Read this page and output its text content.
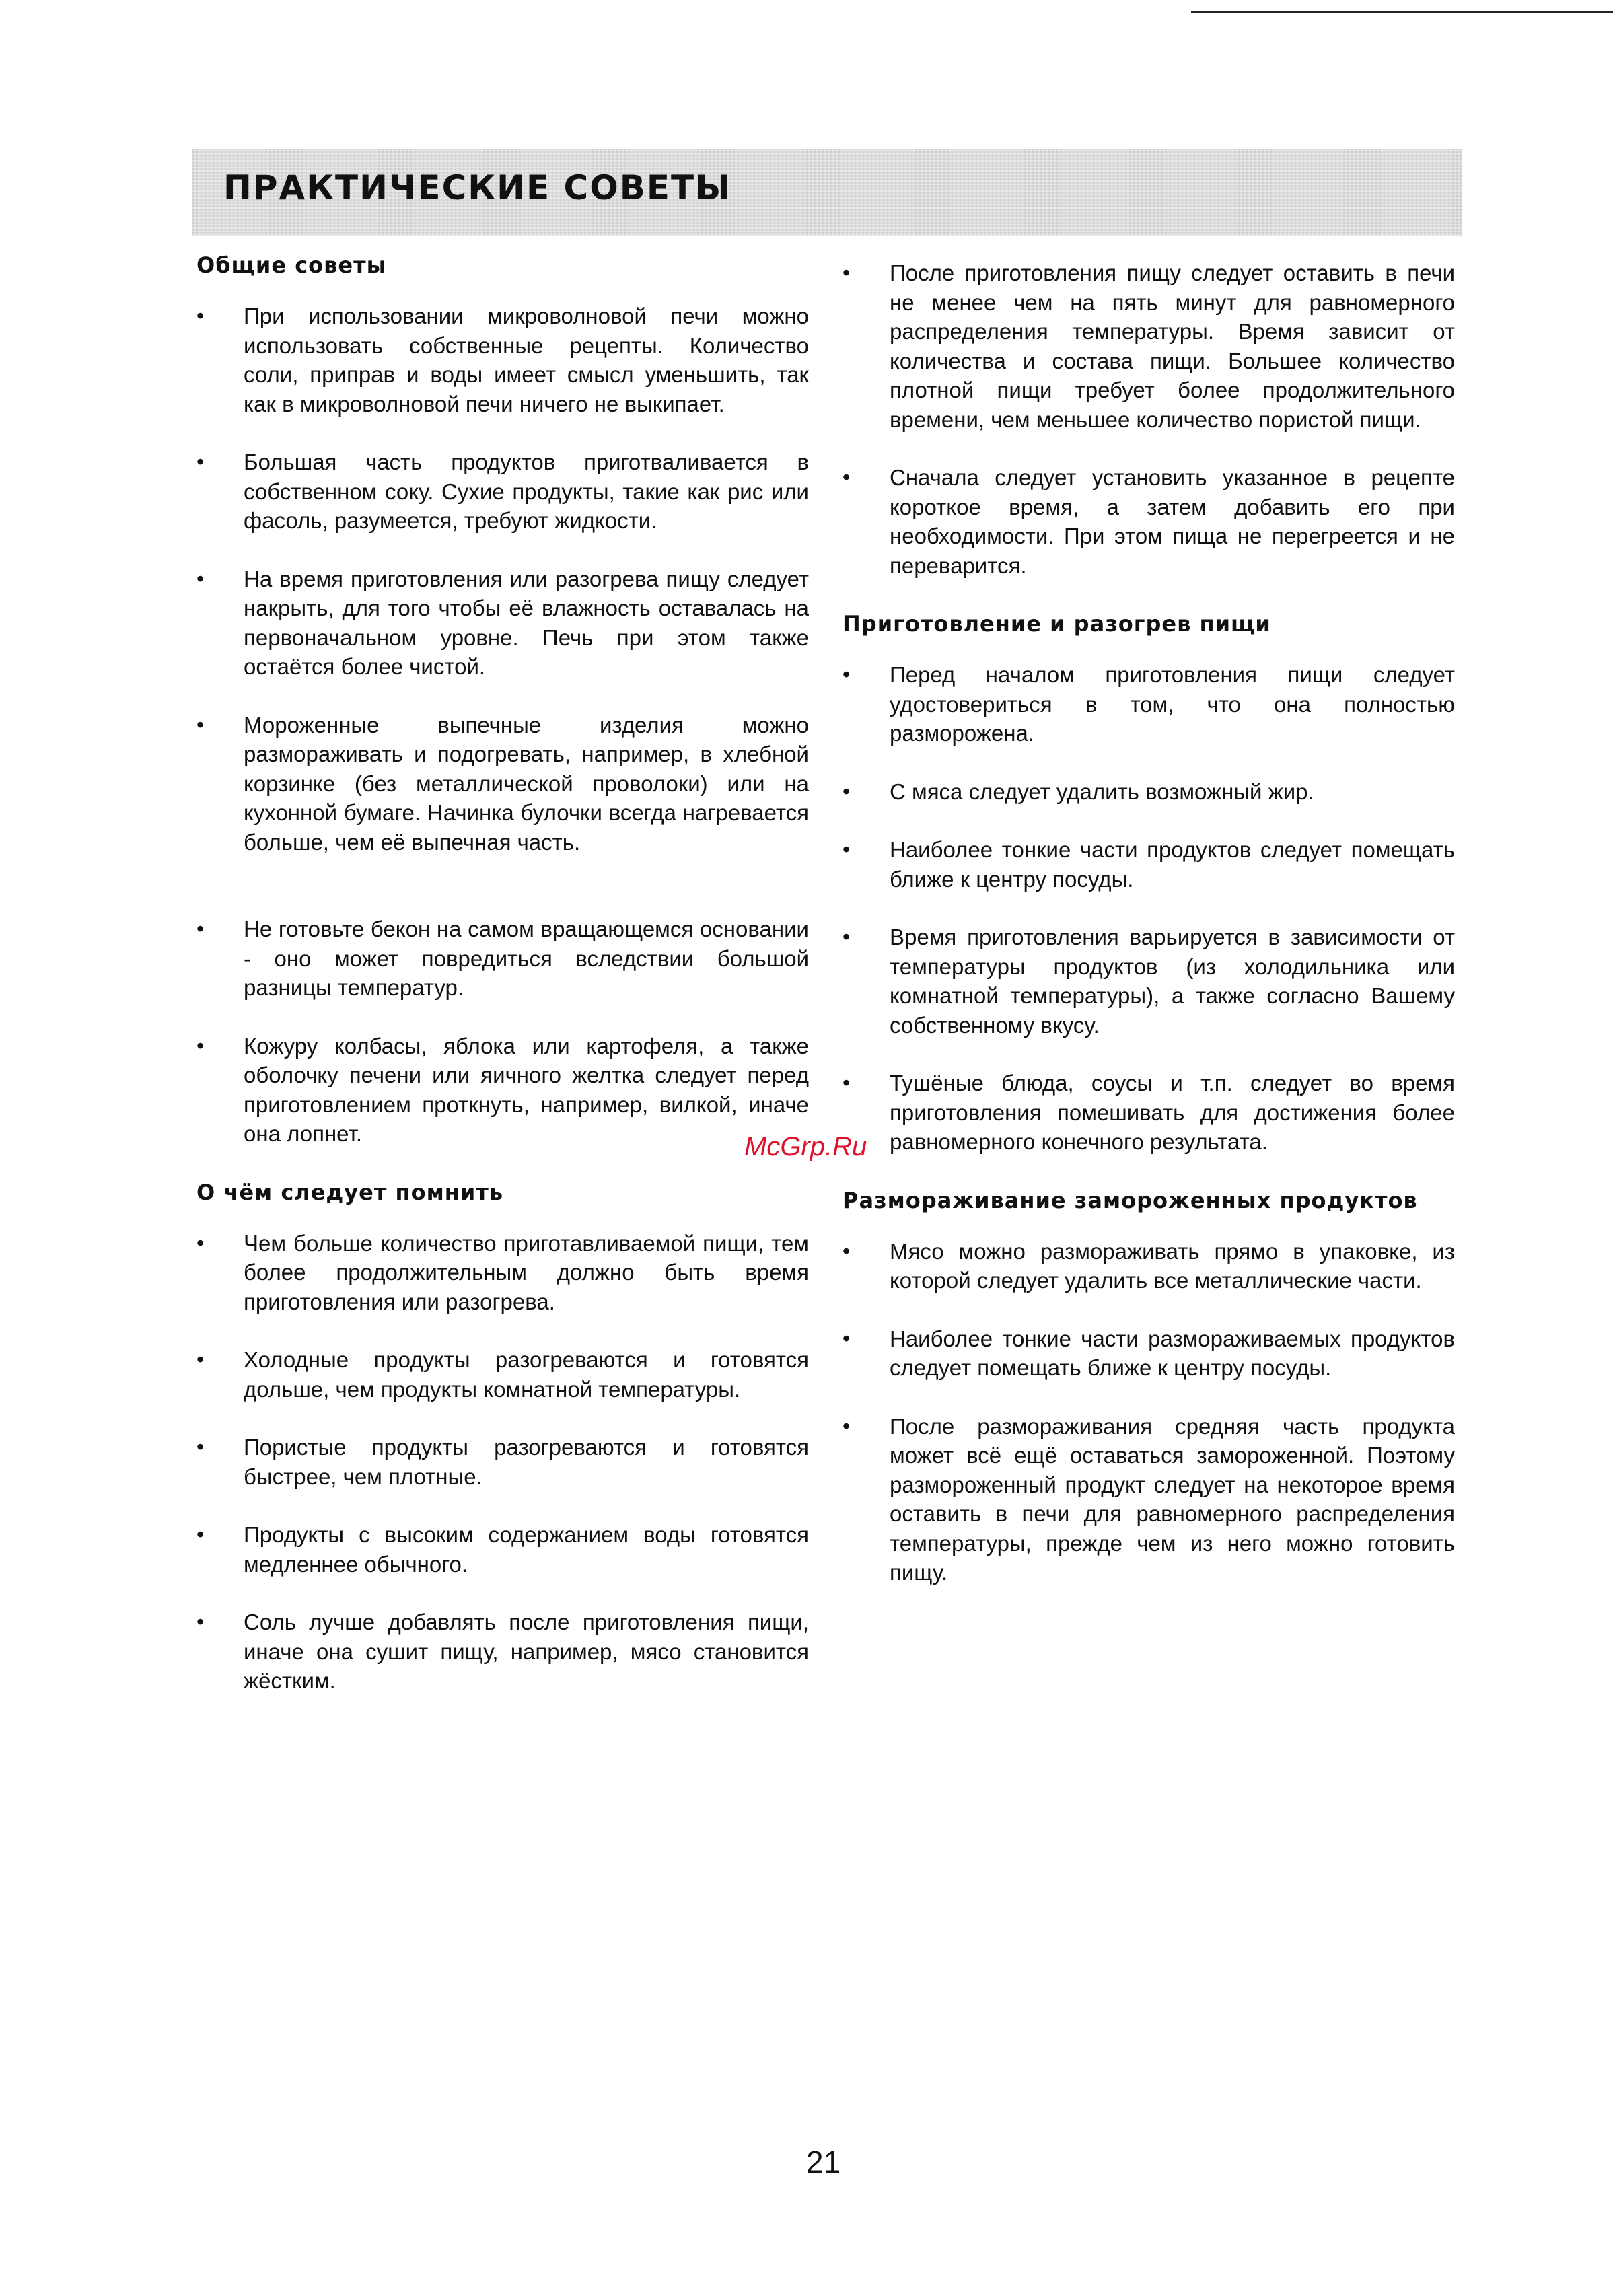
ПРАКТИЧЕСКИЕ СОВЕТЫ
Общие советы
• При использовании микроволновой печи можно использовать собственные рецепты. Количество соли, приправ и воды имеет смысл уменьшить, так как в микроволновой печи ничего не выкипает.
• Большая часть продуктов приготваливается в собственном соку. Сухие продукты, такие как рис или фасоль, разумеется, требуют жидкости.
• На время приготовления или разогрева пищу следует накрыть, для того чтобы её влажность оставалась на первоначальном уровне. Печь при этом также остаётся более чистой.
• Мороженные выпечные изделия можно размораживать и подогревать, например, в хлебной корзинке (без металлической проволоки) или на кухонной бумаге. Начинка булочки всегда нагревается больше, чем её выпечная часть.
• Не готовьте бекон на самом вращающемся основании - оно может повредиться вследствии большой разницы температур.
• Кожуру колбасы, яблока или картофеля, а также оболочку печени или яичного желтка следует перед приготовлением проткнуть, например, вилкой, иначе она лопнет.
О чём следует помнить
• Чем больше количество приготавливаемой пищи, тем более продолжительным должно быть время приготовления или разогрева.
• Холодные продукты разогреваются и готовятся дольше, чем продукты комнатной температуры.
• Пористые продукты разогреваются и готовятся быстрее, чем плотные.
• Продукты с высоким содержанием воды готовятся медленнее обычного.
• Соль лучше добавлять после приготовления пищи, иначе она сушит пищу, например, мясо становится жёстким.
• После приготовления пищу следует оставить в печи не менее чем на пять минут для равномерного распределения температуры. Время зависит от количества и состава пищи. Большее количество плотной пищи требует более продолжительного времени, чем меньшее количество пористой пищи.
• Сначала следует установить указанное в рецепте короткое время, а затем добавить его при необходимости. При этом пища не перегреется и не переварится.
Приготовление и разогрев пищи
• Перед началом приготовления пищи следует удостовериться в том, что она полностью разморожена.
• С мяса следует удалить возможный жир.
• Наиболее тонкие части продуктов следует помещать ближе к центру посуды.
• Время приготовления варьируется в зависимости от температуры продуктов (из холодильника или комнатной температуры), а также согласно Вашему собственному вкусу.
• Тушёные блюда, соусы и т.п. следует во время приготовления помешивать для достижения более равномерного конечного результата.
Размораживание замороженных продуктов
• Мясо можно размораживать прямо в упаковке, из которой следует удалить все металлические части.
• Наиболее тонкие части размораживаемых продуктов следует помещать ближе к центру посуды.
• После размораживания средняя часть продукта может всё ещё оставаться замороженной. Поэтому размороженный продукт следует на некоторое время оставить в печи для равномерного распределения температуры, прежде чем из него можно готовить пищу.
McGrp.Ru
21
